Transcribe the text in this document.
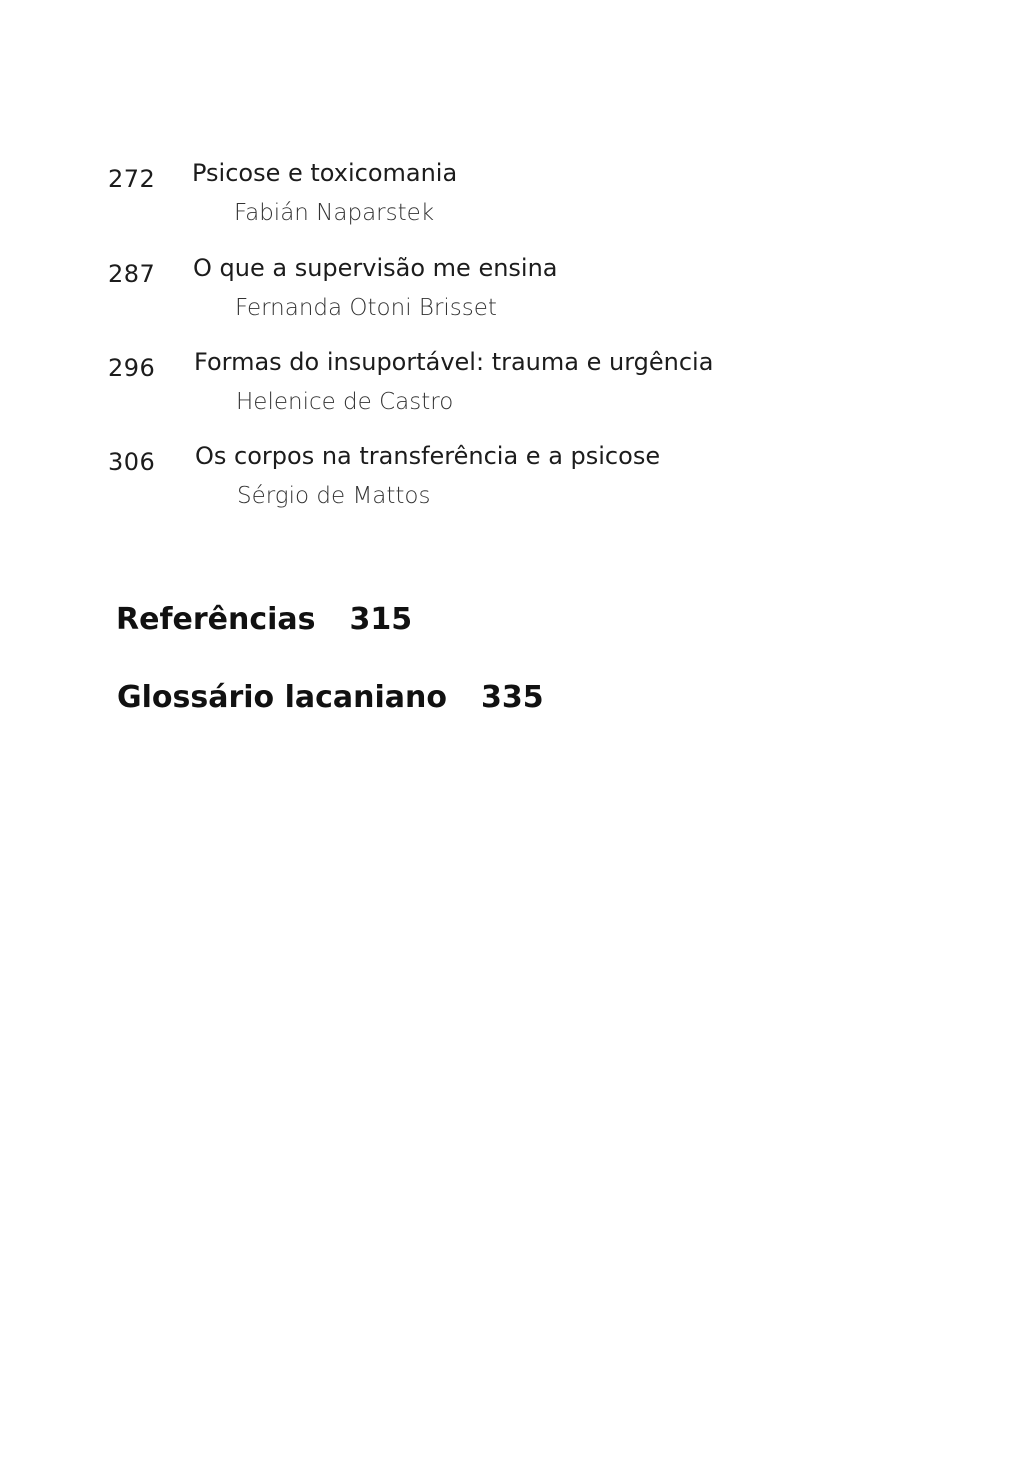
272 Psicose e toxicomania
Fabián Naparstek
287 O que a supervisão me ensina
Fernanda Otoni Brisset
296 Formas do insuportável: trauma e urgência
Helenice de Castro
306 Os corpos na transferência e a psicose
Sérgio de Mattos
Referências 315
Glossário lacaniano 335
